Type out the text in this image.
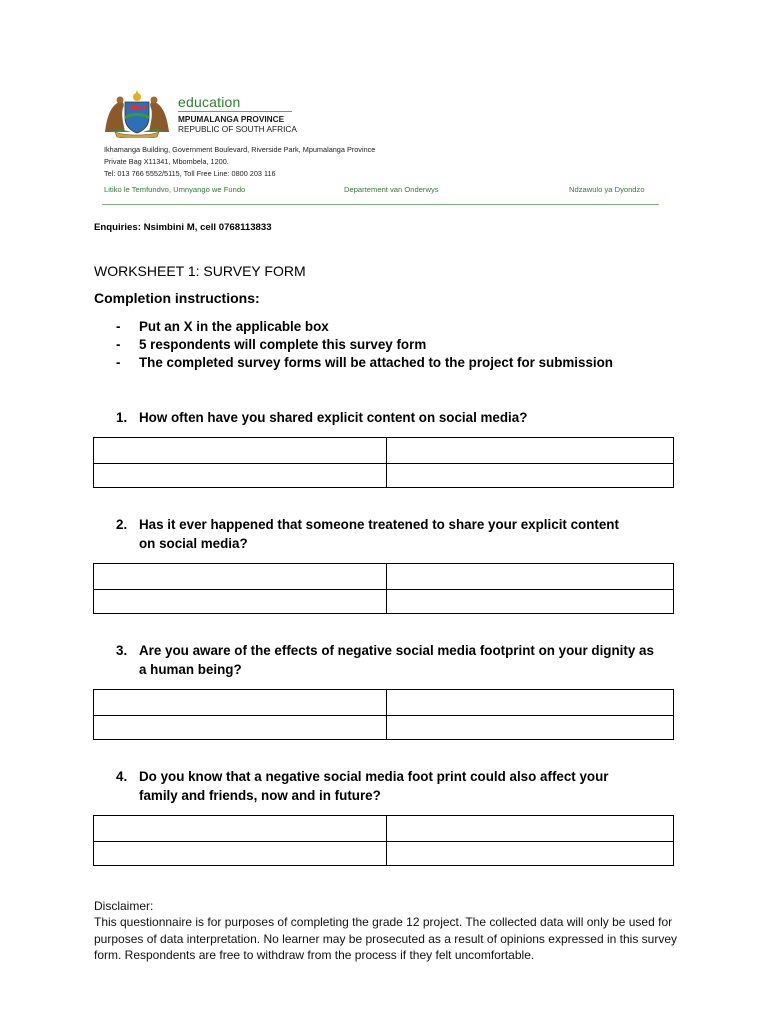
education
MPUMALANGA PROVINCE
REPUBLIC OF SOUTH AFRICA
Ikhamanga Building, Government Boulevard, Riverside Park, Mpumalanga Province
Private Bag X11341, Mbombela, 1200.
Tel: 013 766 5552/5115, Toll Free Line: 0800 203 116
Litiko le Temfundvo, Umnyango we Fundo	Departement van Onderwys	Ndzawulo ya Dyondzo
Enquiries: Nsimbini M, cell 0768113833
WORKSHEET 1: SURVEY FORM
Completion instructions:
- Put an X in the applicable box
- 5 respondents will complete this survey form
- The completed survey forms will be attached to the project for submission
1. How often have you shared explicit content on social media?
2. Has it ever happened that someone treatened to share your explicit content on social media?
3. Are you aware of the effects of negative social media footprint on your dignity as a human being?
4. Do you know that a negative social media foot print could also affect your family and friends, now and in future?
Disclaimer:
This questionnaire is for purposes of completing the grade 12 project. The collected data will only be used for purposes of data interpretation. No learner may be prosecuted as a result of opinions expressed in this survey form. Respondents are free to withdraw from the process if they felt uncomfortable.
